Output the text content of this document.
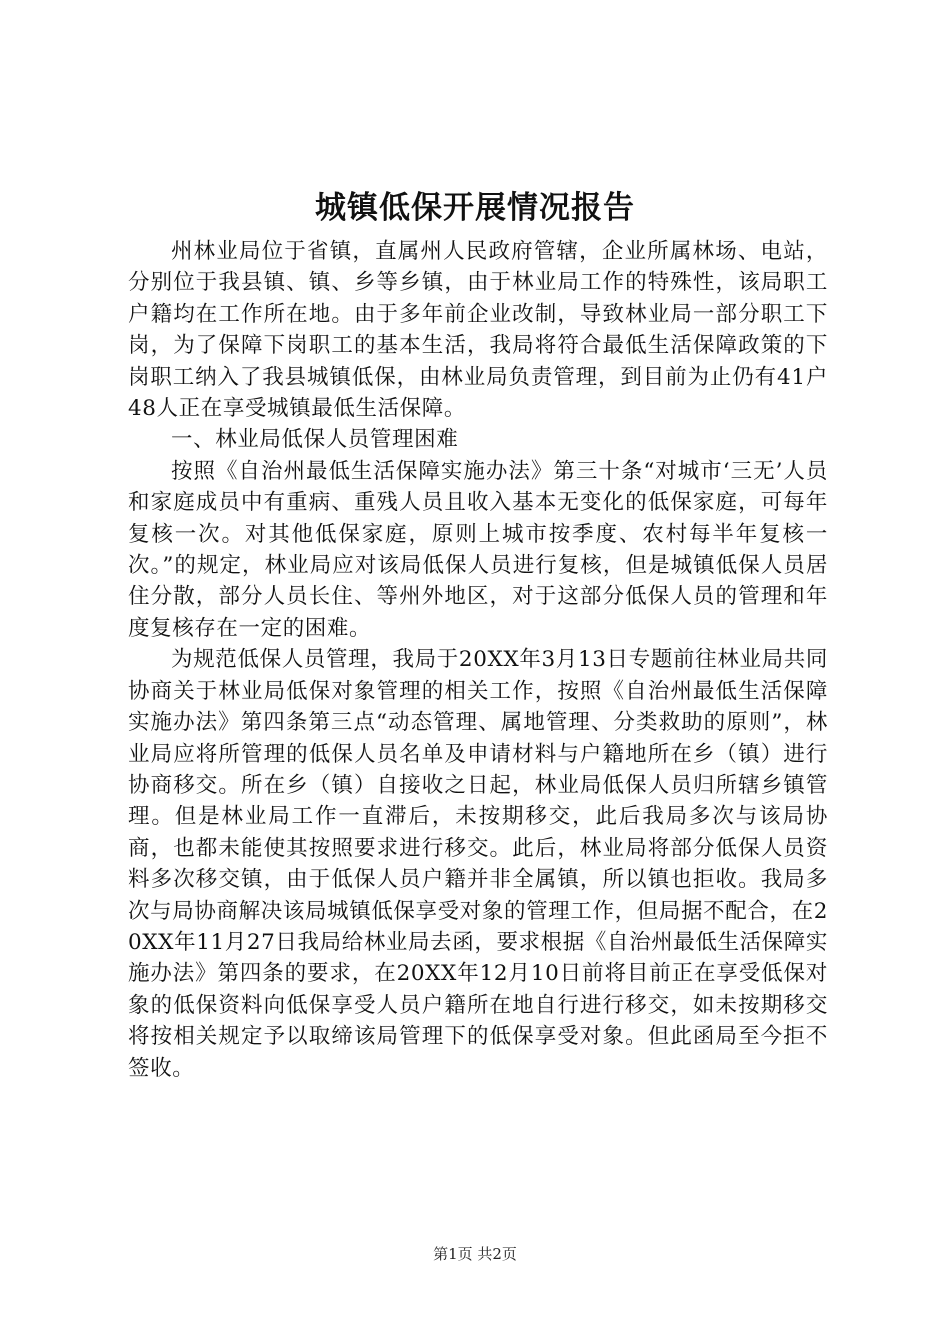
城镇低保开展情况报告

州林业局位于省镇，直属州人民政府管辖，企业所属林场、电站，分别位于我县镇、镇、乡等乡镇，由于林业局工作的特殊性，该局职工户籍均在工作所在地。由于多年前企业改制，导致林业局一部分职工下岗，为了保障下岗职工的基本生活，我局将符合最低生活保障政策的下岗职工纳入了我县城镇低保，由林业局负责管理，到目前为止仍有41户48人正在享受城镇最低生活保障。

一、林业局低保人员管理困难

按照《自治州最低生活保障实施办法》第三十条“对城市‘三无’人员和家庭成员中有重病、重残人员且收入基本无变化的低保家庭，可每年复核一次。对其他低保家庭，原则上城市按季度、农村每半年复核一次。”的规定，林业局应对该局低保人员进行复核，但是城镇低保人员居住分散，部分人员长住、等州外地区，对于这部分低保人员的管理和年度复核存在一定的困难。

为规范低保人员管理，我局于20XX年3月13日专题前往林业局共同协商关于林业局低保对象管理的相关工作，按照《自治州最低生活保障实施办法》第四条第三点“动态管理、属地管理、分类救助的原则”，林业局应将所管理的低保人员名单及申请材料与户籍地所在乡（镇）进行协商移交。所在乡（镇）自接收之日起，林业局低保人员归所辖乡镇管理。但是林业局工作一直滞后，未按期移交，此后我局多次与该局协商，也都未能使其按照要求进行移交。此后，林业局将部分低保人员资料多次移交镇，由于低保人员户籍并非全属镇，所以镇也拒收。我局多次与局协商解决该局城镇低保享受对象的管理工作，但局据不配合，在20XX年11月27日我局给林业局去函，要求根据《自治州最低生活保障实施办法》第四条的要求，在20XX年12月10日前将目前正在享受低保对象的低保资料向低保享受人员户籍所在地自行进行移交，如未按期移交将按相关规定予以取缔该局管理下的低保享受对象。但此函局至今拒不签收。

第1页 共2页
